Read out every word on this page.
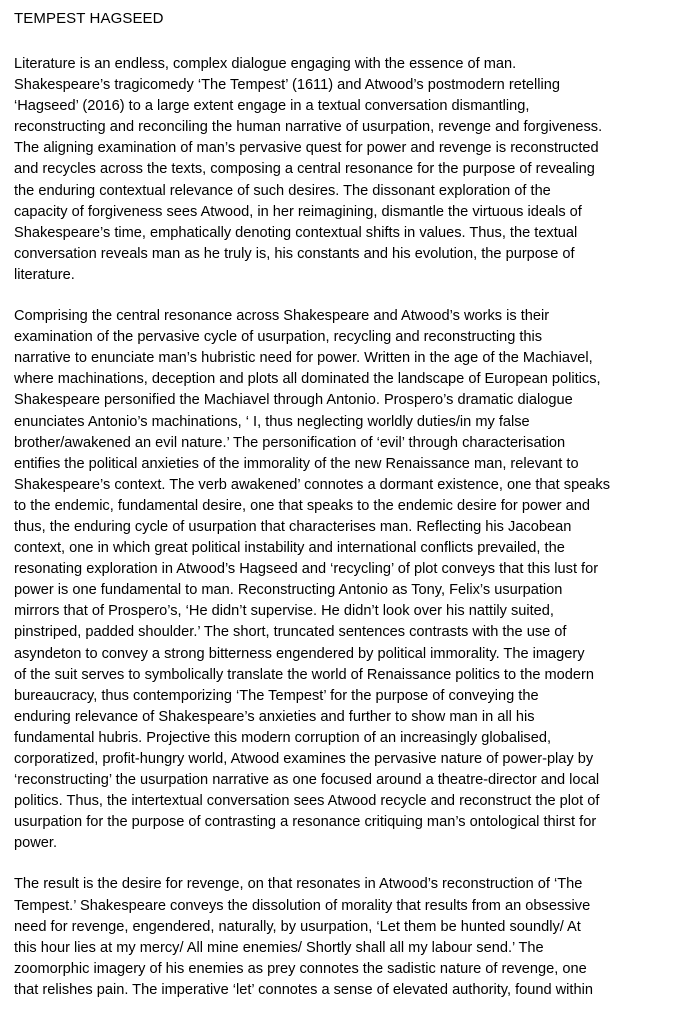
TEMPEST HAGSEED

Literature is an endless, complex dialogue engaging with the essence of man.
Shakespeare’s tragicomedy ‘The Tempest’ (1611) and Atwood’s postmodern retelling
‘Hagseed’ (2016) to a large extent engage in a textual conversation dismantling,
reconstructing and reconciling the human narrative of usurpation, revenge and forgiveness.
The aligning examination of man’s pervasive quest for power and revenge is reconstructed
and recycles across the texts, composing a central resonance for the purpose of revealing
the enduring contextual relevance of such desires. The dissonant exploration of the
capacity of forgiveness sees Atwood, in her reimagining, dismantle the virtuous ideals of
Shakespeare’s time, emphatically denoting contextual shifts in values. Thus, the textual
conversation reveals man as he truly is, his constants and his evolution, the purpose of
literature.

Comprising the central resonance across Shakespeare and Atwood’s works is their
examination of the pervasive cycle of usurpation, recycling and reconstructing this
narrative to enunciate man’s hubristic need for power. Written in the age of the Machiavel,
where machinations, deception and plots all dominated the landscape of European politics,
Shakespeare personified the Machiavel through Antonio. Prospero’s dramatic dialogue
enunciates Antonio’s machinations, ‘ I, thus neglecting worldly duties/in my false
brother/awakened an evil nature.’ The personification of ‘evil’ through characterisation
entifies the political anxieties of the immorality of the new Renaissance man, relevant to
Shakespeare’s context. The verb awakened’ connotes a dormant existence, one that speaks
to the endemic, fundamental desire, one that speaks to the endemic desire for power and
thus, the enduring cycle of usurpation that characterises man. Reflecting his Jacobean
context, one in which great political instability and international conflicts prevailed, the
resonating exploration in Atwood’s Hagseed and ‘recycling’ of plot conveys that this lust for
power is one fundamental to man. Reconstructing Antonio as Tony, Felix’s usurpation
mirrors that of Prospero’s, ‘He didn’t supervise. He didn’t look over his nattily suited,
pinstriped, padded shoulder.’ The short, truncated sentences contrasts with the use of
asyndeton to convey a strong bitterness engendered by political immorality. The imagery
of the suit serves to symbolically translate the world of Renaissance politics to the modern
bureaucracy, thus contemporizing ‘The Tempest’ for the purpose of conveying the
enduring relevance of Shakespeare’s anxieties and further to show man in all his
fundamental hubris. Projective this modern corruption of an increasingly globalised,
corporatized, profit-hungry world, Atwood examines the pervasive nature of power-play by
‘reconstructing’ the usurpation narrative as one focused around a theatre-director and local
politics. Thus, the intertextual conversation sees Atwood recycle and reconstruct the plot of
usurpation for the purpose of contrasting a resonance critiquing man’s ontological thirst for
power.

The result is the desire for revenge, on that resonates in Atwood’s reconstruction of ‘The
Tempest.’ Shakespeare conveys the dissolution of morality that results from an obsessive
need for revenge, engendered, naturally, by usurpation, ‘Let them be hunted soundly/ At
this hour lies at my mercy/ All mine enemies/ Shortly shall all my labour send.’ The
zoomorphic imagery of his enemies as prey connotes the sadistic nature of revenge, one
that relishes pain. The imperative ‘let’ connotes a sense of elevated authority, found within
